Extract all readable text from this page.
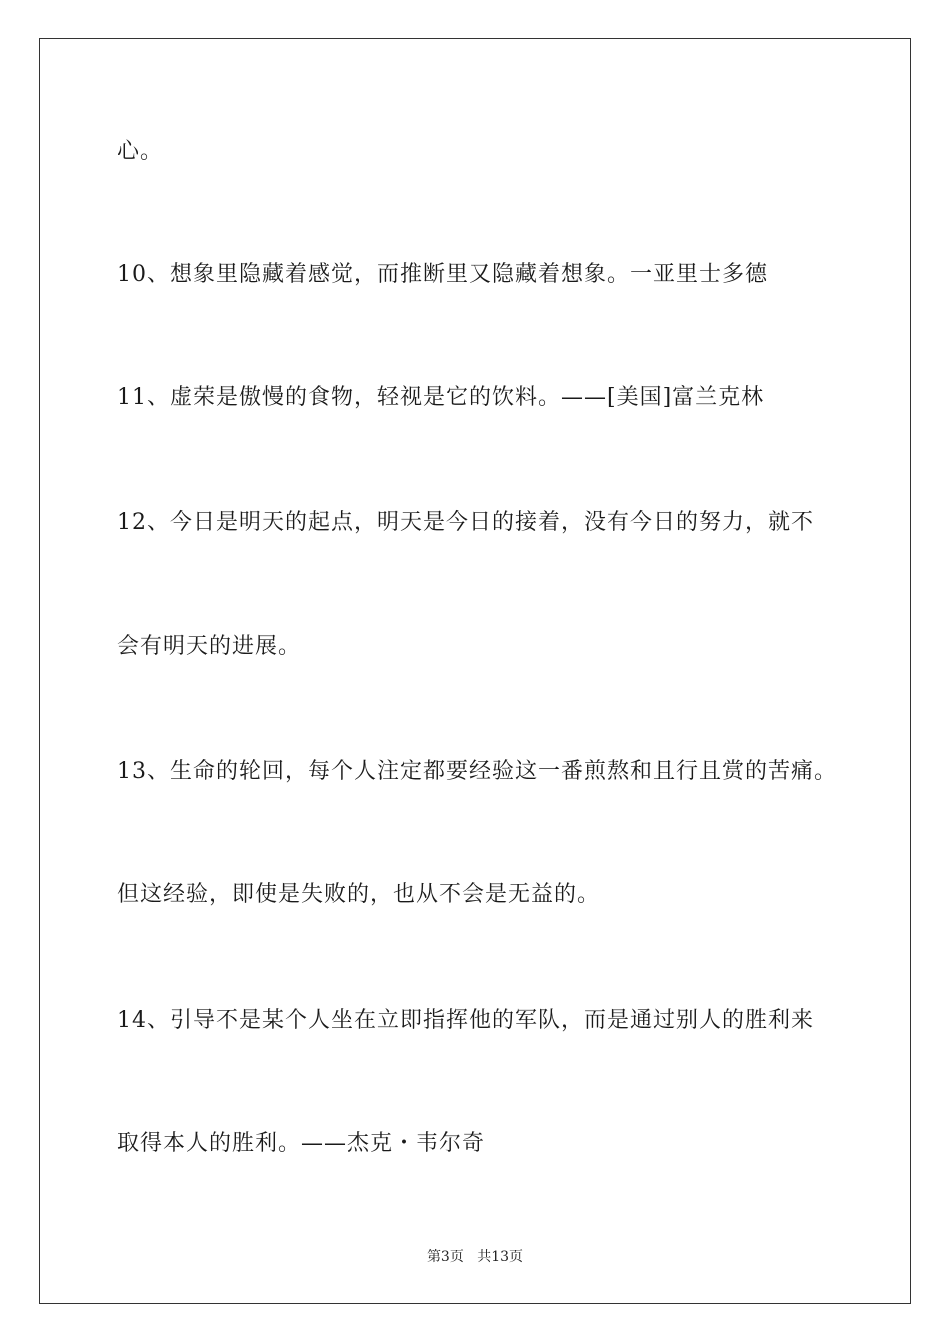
心。
10、想象里隐藏着感觉，而推断里又隐藏着想象。一亚里士多德
11、虚荣是傲慢的食物，轻视是它的饮料。——[美国]富兰克林
12、今日是明天的起点，明天是今日的接着，没有今日的努力，就不
会有明天的进展。
13、生命的轮回，每个人注定都要经验这一番煎熬和且行且赏的苦痛。
但这经验，即使是失败的，也从不会是无益的。
14、引导不是某个人坐在立即指挥他的军队，而是通过别人的胜利来
取得本人的胜利。——杰克・韦尔奇
第3页 共13页
